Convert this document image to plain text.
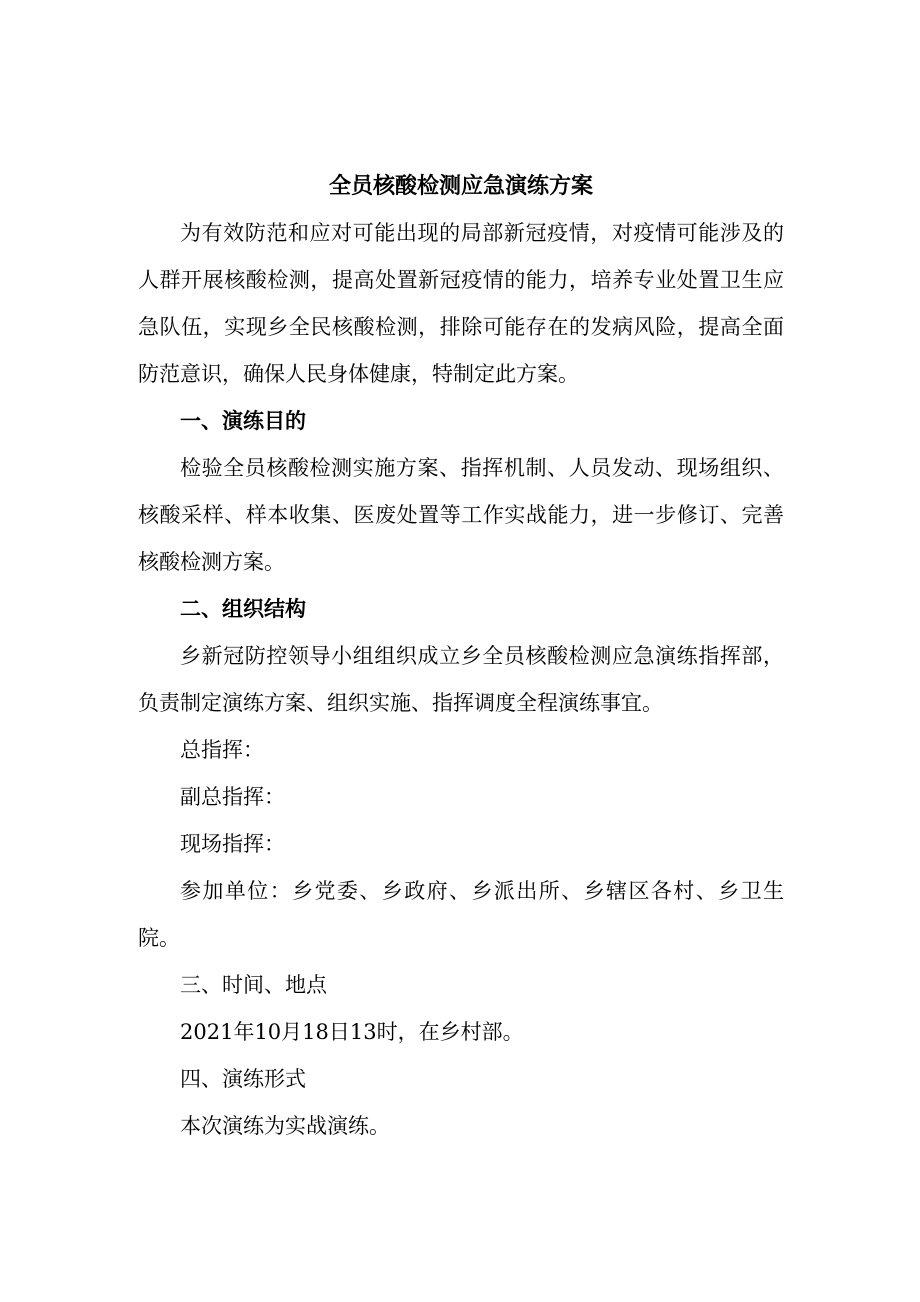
全员核酸检测应急演练方案

为有效防范和应对可能出现的局部新冠疫情，对疫情可能涉及的人群开展核酸检测，提高处置新冠疫情的能力，培养专业处置卫生应急队伍，实现乡全民核酸检测，排除可能存在的发病风险，提高全面防范意识，确保人民身体健康，特制定此方案。

一、演练目的

检验全员核酸检测实施方案、指挥机制、人员发动、现场组织、核酸采样、样本收集、医废处置等工作实战能力，进一步修订、完善核酸检测方案。

二、组织结构

乡新冠防控领导小组组织成立乡全员核酸检测应急演练指挥部，负责制定演练方案、组织实施、指挥调度全程演练事宜。

总指挥：

副总指挥：

现场指挥：

参加单位：乡党委、乡政府、乡派出所、乡辖区各村、乡卫生院。

三、时间、地点

2021年10月18日13时，在乡村部。

四、演练形式

本次演练为实战演练。
